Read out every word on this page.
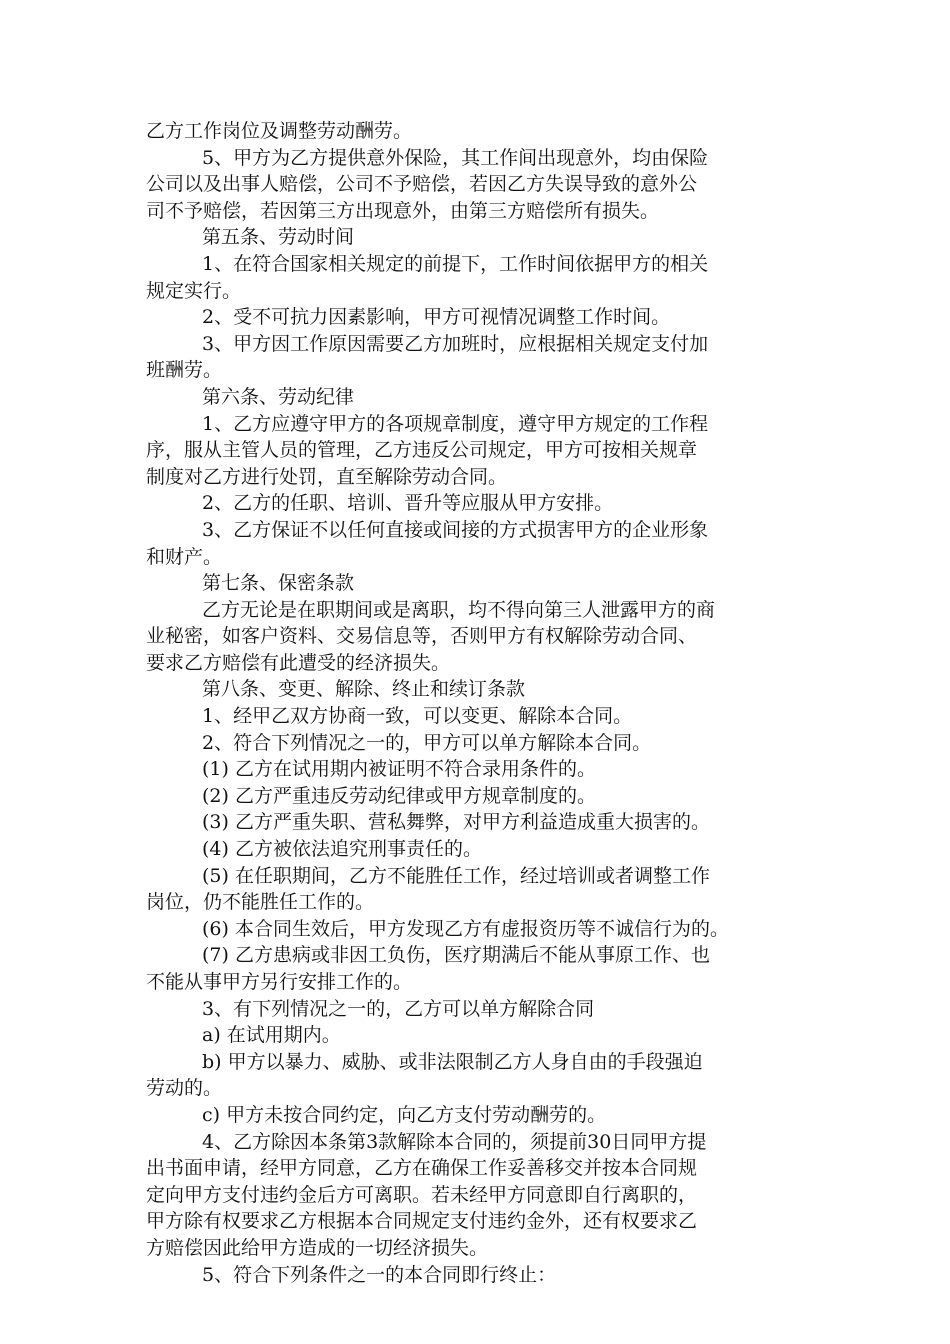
乙方工作岗位及调整劳动酬劳。
5、甲方为乙方提供意外保险，其工作间出现意外，均由保险
公司以及出事人赔偿，公司不予赔偿，若因乙方失误导致的意外公
司不予赔偿，若因第三方出现意外，由第三方赔偿所有损失。
第五条、劳动时间
1、在符合国家相关规定的前提下，工作时间依据甲方的相关
规定实行。
2、受不可抗力因素影响，甲方可视情况调整工作时间。
3、甲方因工作原因需要乙方加班时，应根据相关规定支付加
班酬劳。
第六条、劳动纪律
1、乙方应遵守甲方的各项规章制度，遵守甲方规定的工作程
序，服从主管人员的管理，乙方违反公司规定，甲方可按相关规章
制度对乙方进行处罚，直至解除劳动合同。
2、乙方的任职、培训、晋升等应服从甲方安排。
3、乙方保证不以任何直接或间接的方式损害甲方的企业形象
和财产。
第七条、保密条款
乙方无论是在职期间或是离职，均不得向第三人泄露甲方的商
业秘密，如客户资料、交易信息等，否则甲方有权解除劳动合同、
要求乙方赔偿有此遭受的经济损失。
第八条、变更、解除、终止和续订条款
1、经甲乙双方协商一致，可以变更、解除本合同。
2、符合下列情况之一的，甲方可以单方解除本合同。
(1) 乙方在试用期内被证明不符合录用条件的。
(2) 乙方严重违反劳动纪律或甲方规章制度的。
(3) 乙方严重失职、营私舞弊，对甲方利益造成重大损害的。
(4) 乙方被依法追究刑事责任的。
(5) 在任职期间，乙方不能胜任工作，经过培训或者调整工作
岗位，仍不能胜任工作的。
(6) 本合同生效后，甲方发现乙方有虚报资历等不诚信行为的。
(7) 乙方患病或非因工负伤，医疗期满后不能从事原工作、也
不能从事甲方另行安排工作的。
3、有下列情况之一的，乙方可以单方解除合同
a) 在试用期内。
b) 甲方以暴力、威胁、或非法限制乙方人身自由的手段强迫
劳动的。
c) 甲方未按合同约定，向乙方支付劳动酬劳的。
4、乙方除因本条第3款解除本合同的，须提前30日同甲方提
出书面申请，经甲方同意，乙方在确保工作妥善移交并按本合同规
定向甲方支付违约金后方可离职。若未经甲方同意即自行离职的，
甲方除有权要求乙方根据本合同规定支付违约金外，还有权要求乙
方赔偿因此给甲方造成的一切经济损失。
5、符合下列条件之一的本合同即行终止：
